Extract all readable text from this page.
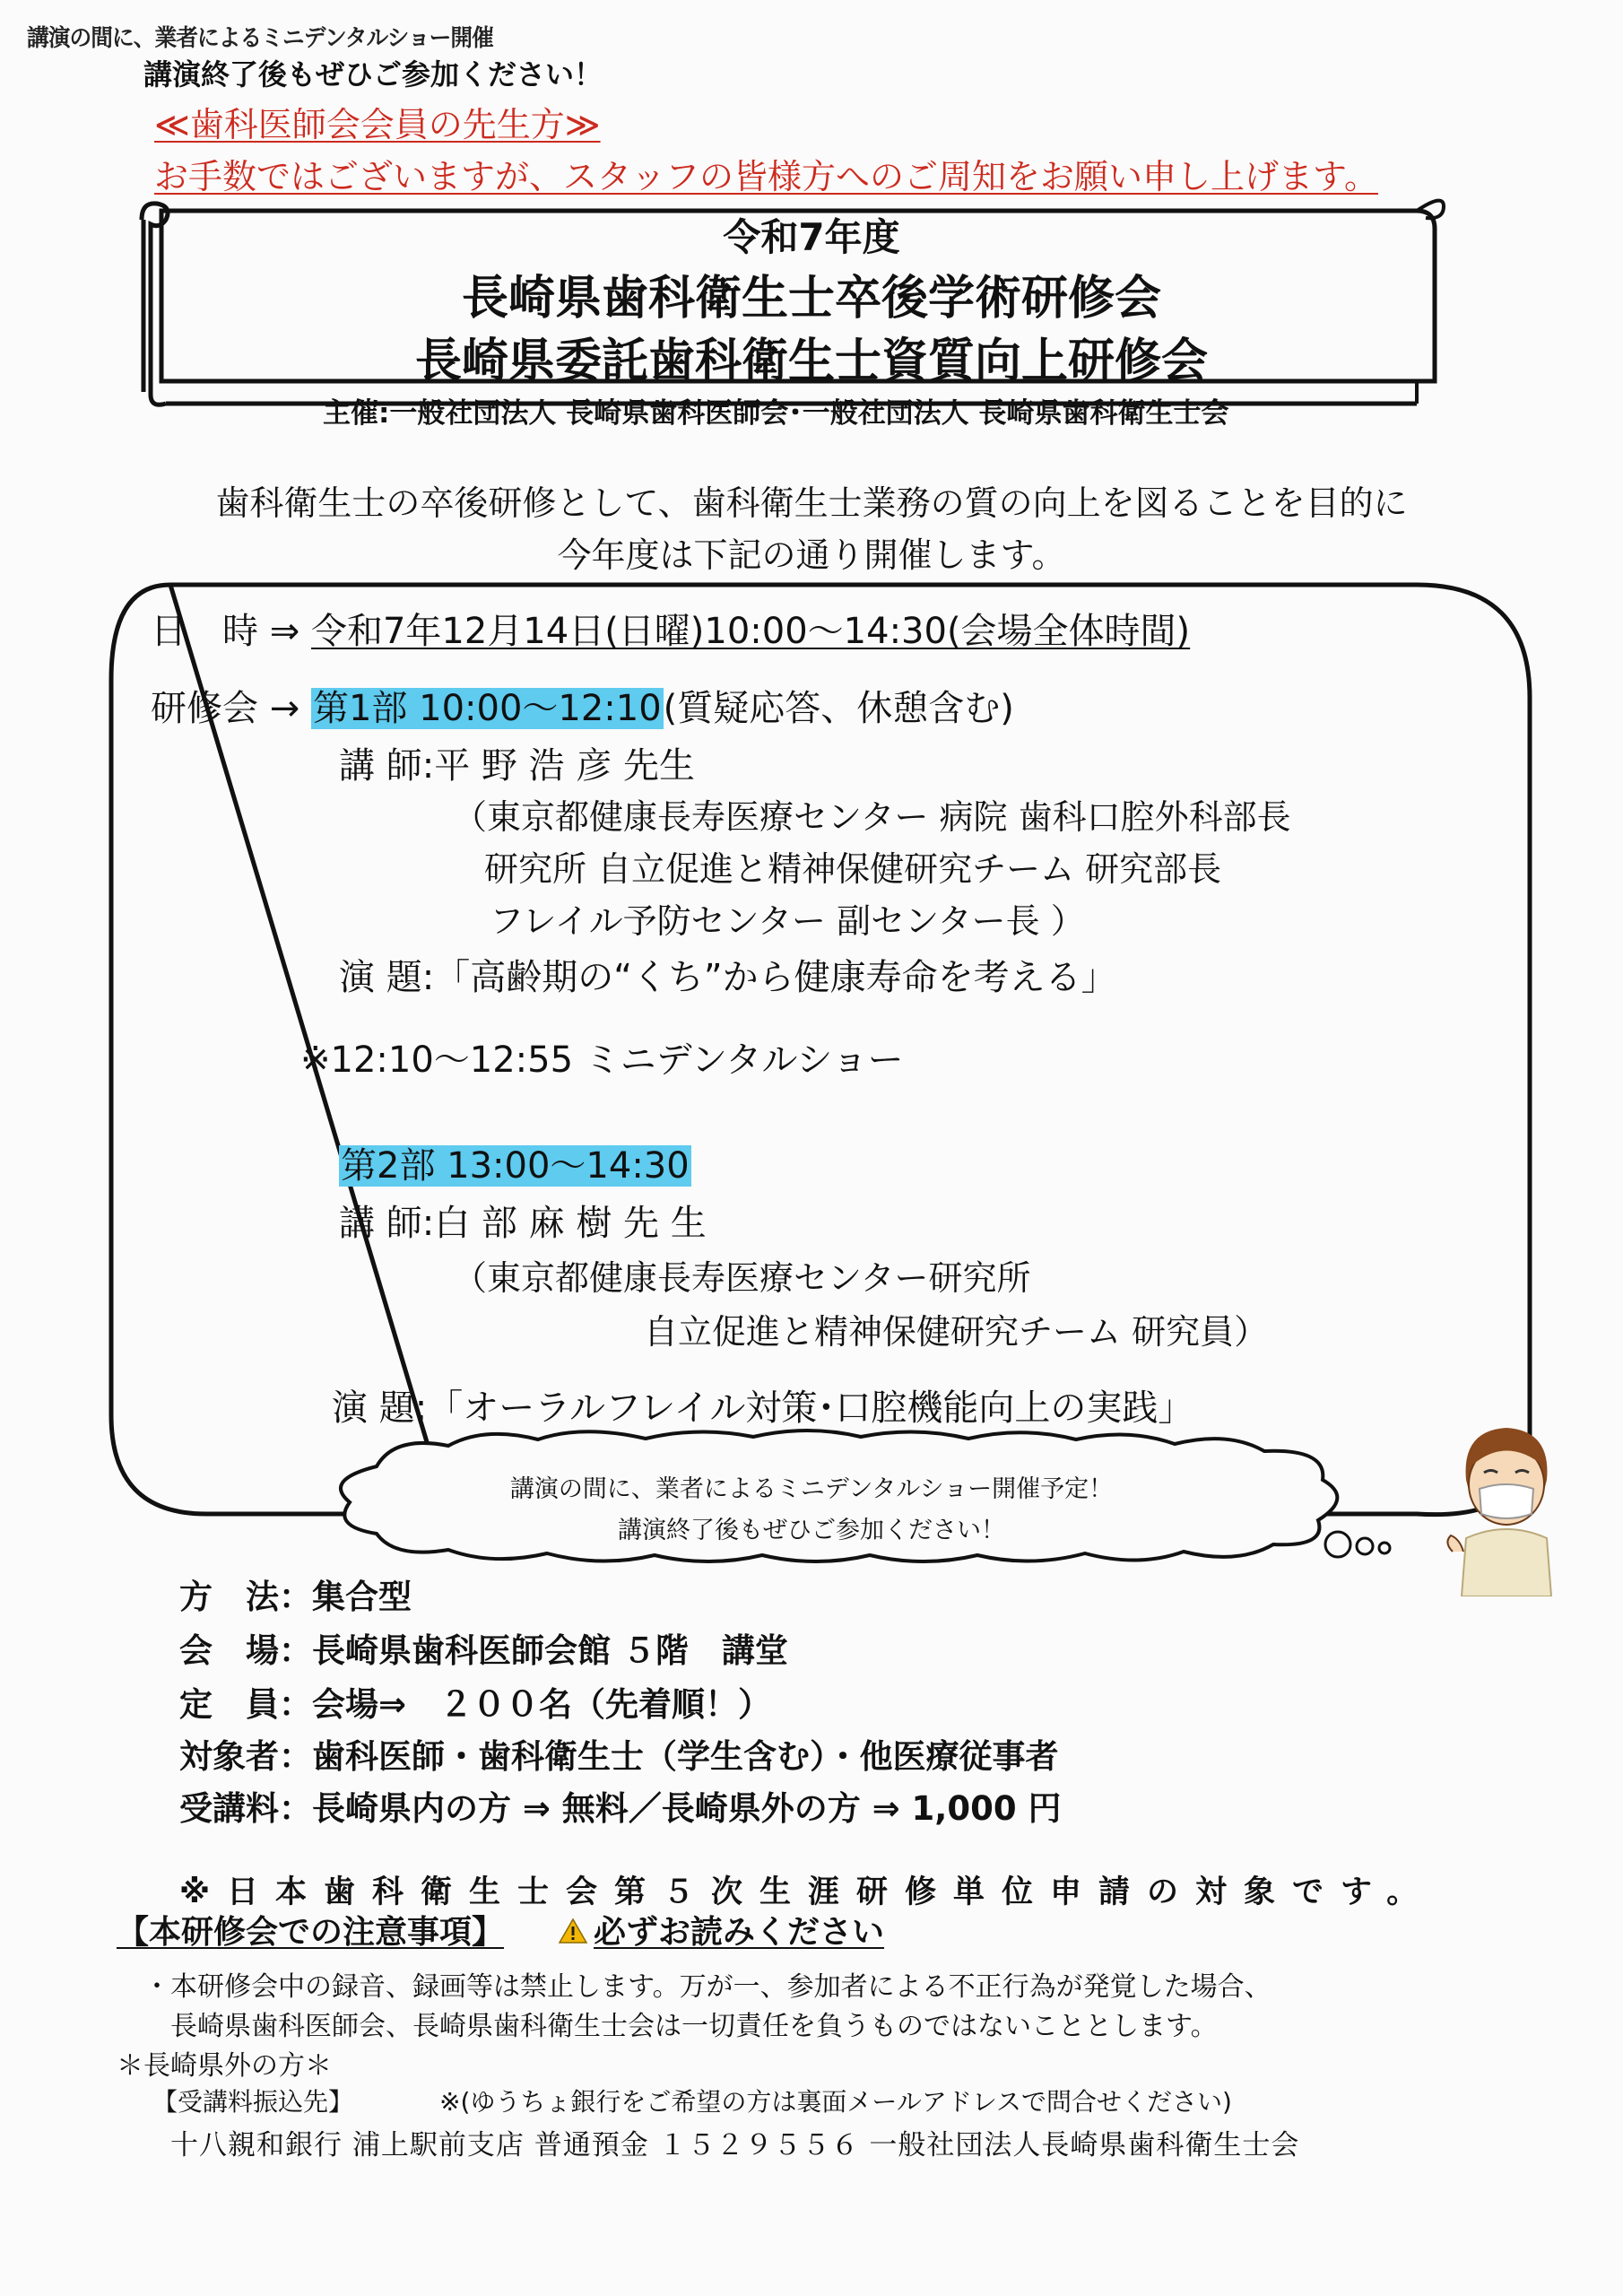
講演の間に、業者によるミニデンタルショー開催
講演終了後もぜひご参加ください！
≪歯科医師会会員の先生方≫
お手数ではございますが、スタッフの皆様方へのご周知をお願い申し上げます。
令和7年度
長崎県歯科衛生士卒後学術研修会
長崎県委託歯科衛生士資質向上研修会
主催:一般社団法人 長崎県歯科医師会･一般社団法人 長崎県歯科衛生士会
歯科衛生士の卒後研修として、歯科衛生士業務の質の向上を図ることを目的に
今年度は下記の通り開催します。
日　時 ⇒ 令和7年12月14日(日曜)10:00～14:30(会場全体時間)
研修会 → 第1部 10:00～12:10(質疑応答、休憩含む)
講 師:平 野 浩 彦 先生
（東京都健康長寿医療センター 病院 歯科口腔外科部長
研究所 自立促進と精神保健研究チーム 研究部長
フレイル予防センター 副センター長 ）
演 題:「高齢期の“くち”から健康寿命を考える」
※12:10～12:55 ミニデンタルショー
第2部 13:00～14:30
講 師:白 部 麻 樹 先 生
（東京都健康長寿医療センター研究所
自立促進と精神保健研究チーム 研究員）
演 題:「オーラルフレイル対策･口腔機能向上の実践」
講演の間に、業者によるミニデンタルショー開催予定！
講演終了後もぜひご参加ください！
方　法：集合型
会　場：長崎県歯科医師会館 ５階　講堂
定　員：会場⇒　２００名（先着順！）
対象者：歯科医師・歯科衛生士（学生含む）・他医療従事者
受講料：長崎県内の方 ⇒ 無料／長崎県外の方 ⇒ 1,000 円
※日本歯科衛生士会第５次生涯研修単位申請の対象です。
【本研修会での注意事項】	必ずお読みください
・本研修会中の録音、録画等は禁止します。万が一、参加者による不正行為が発覚した場合、
長崎県歯科医師会、長崎県歯科衛生士会は一切責任を負うものではないこととします。
＊長崎県外の方＊
【受講料振込先】	※(ゆうちょ銀行をご希望の方は裏面メールアドレスで問合せください)
十八親和銀行 浦上駅前支店 普通預金 １５２９５５６ 一般社団法人長崎県歯科衛生士会
